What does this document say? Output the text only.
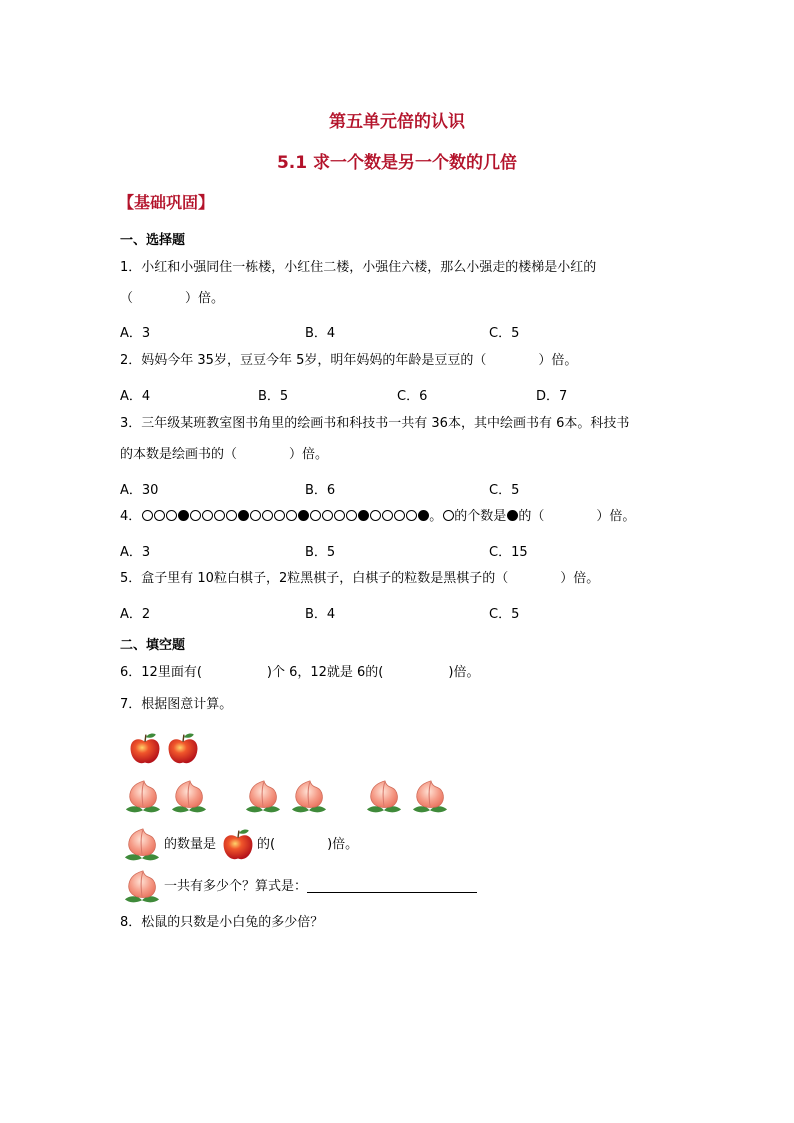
第五单元倍的认识
5.1 求一个数是另一个数的几倍
【基础巩固】
一、选择题
1．小红和小强同住一栋楼，小红住二楼，小强住六楼，那么小强走的楼梯是小红的
（　　　　）倍。
A．3	B．4	C．5
2．妈妈今年 35岁，豆豆今年 5岁，明年妈妈的年龄是豆豆的（　　　　）倍。
A．4	B．5	C．6	D．7
3．三年级某班教室图书角里的绘画书和科技书一共有 36本，其中绘画书有 6本。科技书
的本数是绘画书的（　　　　）倍。
A．30	B．6	C．5
4．	。 的个数是 的（　　　　）倍。
A．3	B．5	C．15
5．盒子里有 10粒白棋子，2粒黑棋子，白棋子的粒数是黑棋子的（　　　　）倍。
A．2	B．4	C．5
二、填空题
6．12里面有(　　　　　)个 6，12就是 6的(　　　　　)倍。
7．根据图意计算。
的数量是	的(　　　　)倍。
一共有多少个？算式是：
8．松鼠的只数是小白兔的多少倍？
